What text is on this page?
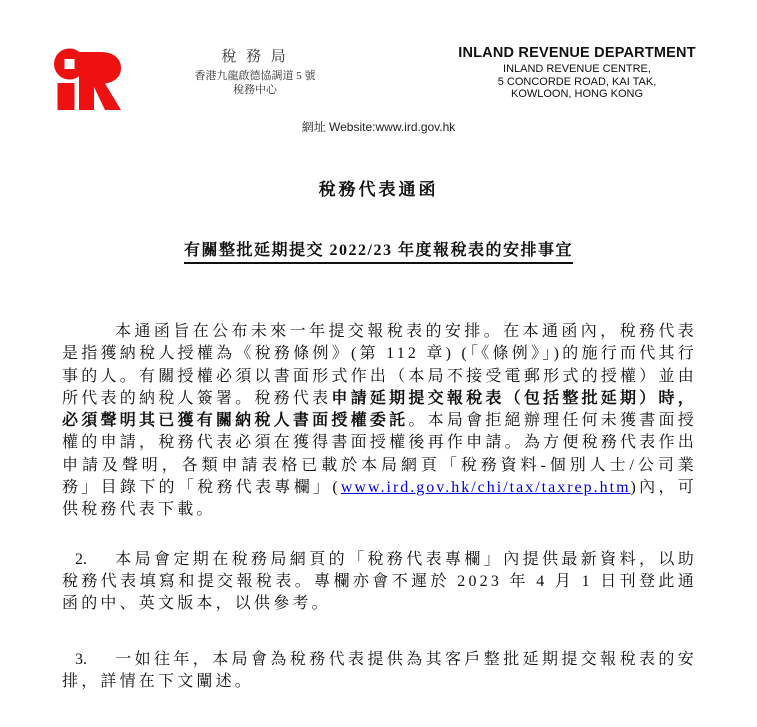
稅 務 局
香港九龍啟德協調道 5 號
稅務中心
INLAND REVENUE DEPARTMENT
INLAND REVENUE CENTRE,
5 CONCORDE ROAD, KAI TAK,
KOWLOON, HONG KONG
網址 Website:www.ird.gov.hk
稅務代表通函
有關整批延期提交 2022/23 年度報稅表的安排事宜

本通函旨在公布未來一年提交報稅表的安排。在本通函內，稅務代表是指獲納稅人授權為《稅務條例》(第 112 章) (「《條例》」)的施行而代其行事的人。有關授權必須以書面形式作出（本局不接受電郵形式的授權）並由所代表的納稅人簽署。稅務代表申請延期提交報稅表（包括整批延期）時，必須聲明其已獲有關納稅人書面授權委託。本局會拒絕辦理任何未獲書面授權的申請，稅務代表必須在獲得書面授權後再作申請。為方便稅務代表作出申請及聲明，各類申請表格已載於本局網頁「稅務資料-個別人士/公司業務」目錄下的「稅務代表專欄」(www.ird.gov.hk/chi/tax/taxrep.htm)內，可供稅務代表下載。

2. 本局會定期在稅務局網頁的「稅務代表專欄」內提供最新資料，以助稅務代表填寫和提交報稅表。專欄亦會不遲於 2023 年 4 月 1 日刊登此通函的中、英文版本，以供參考。

3. 一如往年，本局會為稅務代表提供為其客戶整批延期提交報稅表的安排，詳情在下文闡述。
